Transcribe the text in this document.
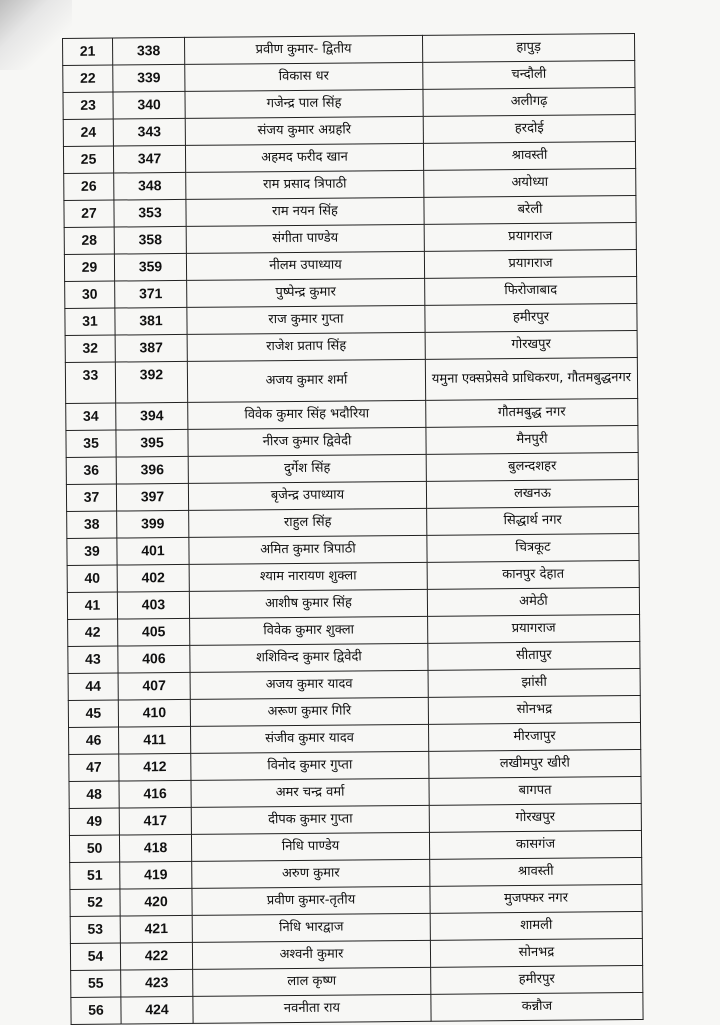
21	338	प्रवीण कुमार- द्वितीय	हापुड़
22	339	विकास धर	चन्दौली
23	340	गजेन्द्र पाल सिंह	अलीगढ़
24	343	संजय कुमार अग्रहरि	हरदोई
25	347	अहमद फरीद खान	श्रावस्ती
26	348	राम प्रसाद त्रिपाठी	अयोध्या
27	353	राम नयन सिंह	बरेली
28	358	संगीता पाण्डेय	प्रयागराज
29	359	नीलम उपाध्याय	प्रयागराज
30	371	पुष्पेन्द्र कुमार	फिरोजाबाद
31	381	राज कुमार गुप्ता	हमीरपुर
32	387	राजेश प्रताप सिंह	गोरखपुर
33	392	अजय कुमार शर्मा	यमुना एक्सप्रेसवे प्राधिकरण, गौतमबुद्धनगर
34	394	विवेक कुमार सिंह भदौरिया	गौतमबुद्ध नगर
35	395	नीरज कुमार द्विवेदी	मैनपुरी
36	396	दुर्गेश सिंह	बुलन्दशहर
37	397	बृजेन्द्र उपाध्याय	लखनऊ
38	399	राहुल सिंह	सिद्धार्थ नगर
39	401	अमित कुमार त्रिपाठी	चित्रकूट
40	402	श्याम नारायण शुक्ला	कानपुर देहात
41	403	आशीष कुमार सिंह	अमेठी
42	405	विवेक कुमार शुक्ला	प्रयागराज
43	406	शशिविन्द कुमार द्विवेदी	सीतापुर
44	407	अजय कुमार यादव	झांसी
45	410	अरूण कुमार गिरि	सोनभद्र
46	411	संजीव कुमार यादव	मीरजापुर
47	412	विनोद कुमार गुप्ता	लखीमपुर खीरी
48	416	अमर चन्द्र वर्मा	बागपत
49	417	दीपक कुमार गुप्ता	गोरखपुर
50	418	निधि पाण्डेय	कासगंज
51	419	अरुण कुमार	श्रावस्ती
52	420	प्रवीण कुमार-तृतीय	मुजफ्फर नगर
53	421	निधि भारद्वाज	शामली
54	422	अश्वनी कुमार	सोनभद्र
55	423	लाल कृष्ण	हमीरपुर
56	424	नवनीता राय	कन्नौज
